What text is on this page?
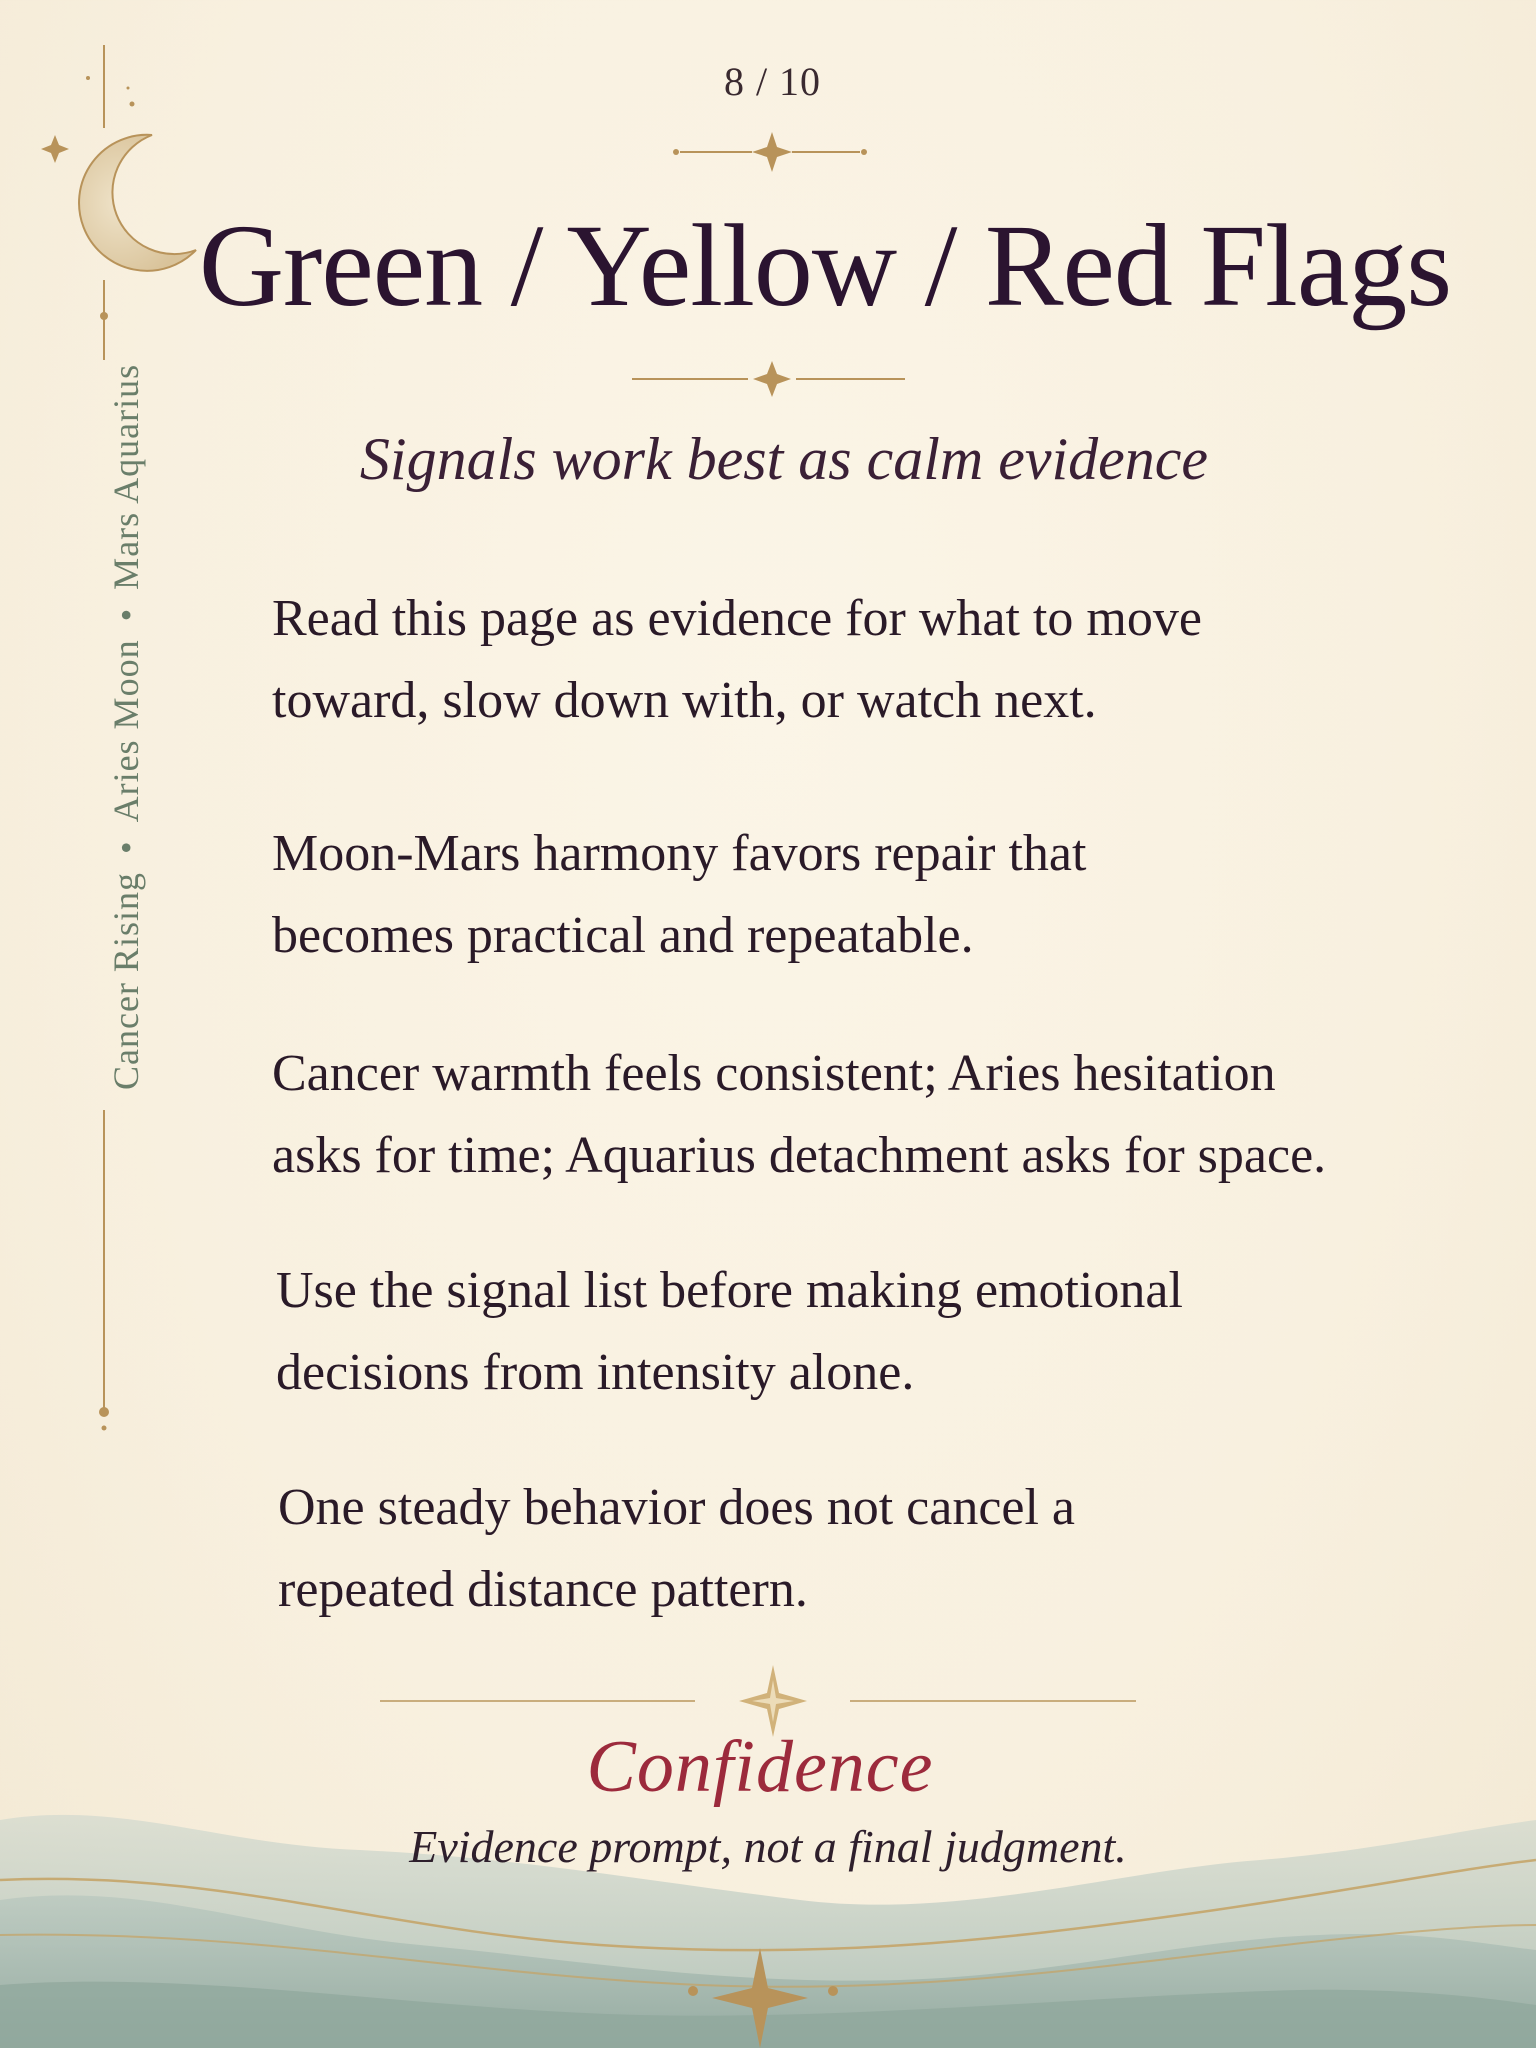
Cancer Rising•Aries Moon•Mars Aquarius
8 / 10
Green / Yellow / Red Flags
Signals work best as calm evidence
Read this page as evidence for what to move
toward, slow down with, or watch next.
Moon-Mars harmony favors repair that
becomes practical and repeatable.
Cancer warmth feels consistent; Aries hesitation
asks for time; Aquarius detachment asks for space.
Use the signal list before making emotional
decisions from intensity alone.
One steady behavior does not cancel a
repeated distance pattern.
Confidence
Evidence prompt, not a final judgment.
